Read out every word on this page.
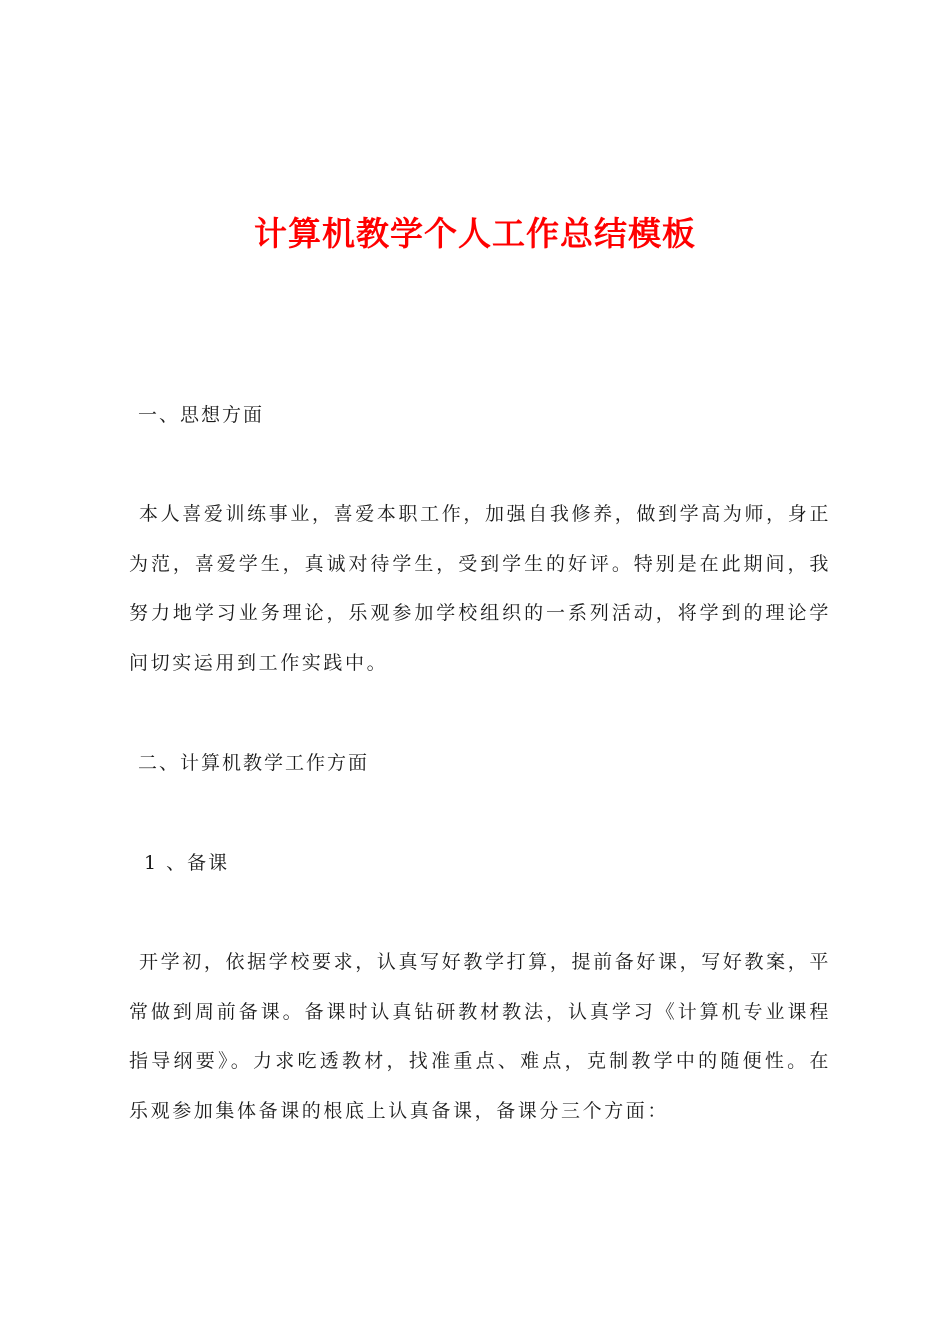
计算机教学个人工作总结模板
一、思想方面

本人喜爱训练事业，喜爱本职工作，加强自我修养，做到学高为师，身正为范，喜爱学生，真诚对待学生，受到学生的好评。特别是在此期间，我努力地学习业务理论，乐观参加学校组织的一系列活动，将学到的理论学问切实运用到工作实践中。

二、计算机教学工作方面
1 、备课

开学初，依据学校要求，认真写好教学打算，提前备好课，写好教案，平常做到周前备课。备课时认真钻研教材教法，认真学习《计算机专业课程指导纲要》。力求吃透教材，找准重点、难点，克制教学中的随便性。在乐观参加集体备课的根底上认真备课，备课分三个方面：
